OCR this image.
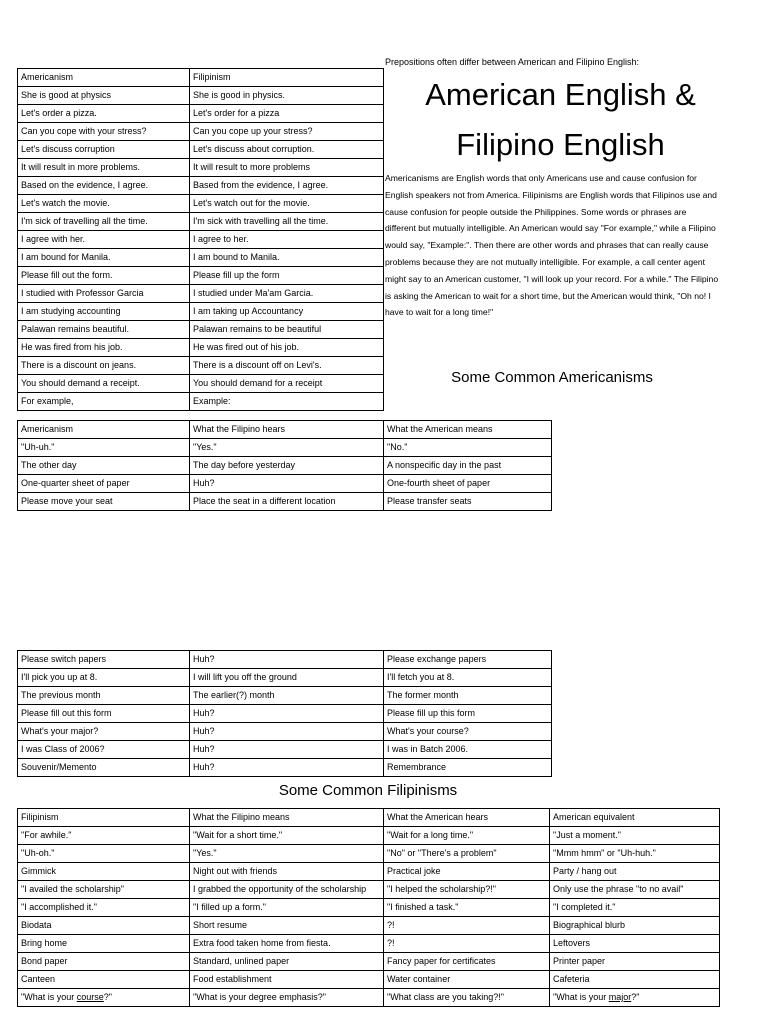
Prepositions often differ between American and Filipino English:
American English &
Filipino English
Americanisms are English words that only Americans use and cause confusion for English speakers not from America. Filipinisms are English words that Filipinos use and cause confusion for people outside the Philippines. Some words or phrases are different but mutually intelligible. An American would say "For example," while a Filipino would say, "Example:". Then there are other words and phrases that can really cause problems because they are not mutually intelligible. For example, a call center agent might say to an American customer, "I will look up your record. For a while." The Filipino is asking the American to wait for a short time, but the American would think, "Oh no! I have to wait for a long time!"
Some Common Americanisms
Americanism	Filipinism
She is good at physics	She is good in physics.
Let's order a pizza.	Let's order for a pizza
Can you cope with your stress?	Can you cope up your stress?
Let's discuss corruption	Let's discuss about corruption.
It will result in more problems.	It will result to more problems
Based on the evidence, I agree.	Based from the evidence, I agree.
Let's watch the movie.	Let's watch out for the movie.
I'm sick of travelling all the time.	I'm sick with travelling all the time.
I agree with her.	I agree to her.
I am bound for Manila.	I am bound to Manila.
Please fill out the form.	Please fill up the form
I studied with Professor Garcia	I studied under Ma'am Garcia.
I am studying accounting	I am taking up Accountancy
Palawan remains beautiful.	Palawan remains to be beautiful
He was fired from his job.	He was fired out of his job.
There is a discount on jeans.	There is a discount off on Levi's.
You should demand a receipt.	You should demand for a receipt
For example,	Example:
Americanism	What the Filipino hears	What the American means
"Uh-uh."	"Yes."	"No."
The other day	The day before yesterday	A nonspecific day in the past
One-quarter sheet of paper	Huh?	One-fourth sheet of paper
Please move your seat	Place the seat in a different location	Please transfer seats
Please switch papers	Huh?	Please exchange papers
I'll pick you up at 8.	I will lift you off the ground	I'll fetch you at 8.
The previous month	The earlier(?) month	The former month
Please fill out this form	Huh?	Please fill up this form
What's your major?	Huh?	What's your course?
I was Class of 2006?	Huh?	I was in Batch 2006.
Souvenir/Memento	Huh?	Remembrance
Some Common Filipinisms
Filipinism	What the Filipino means	What the American hears	American equivalent
"For awhile."	"Wait for a short time."	"Wait for a long time."	"Just a moment."
"Uh-oh."	"Yes."	"No" or "There's a problem"	"Mmm hmm" or "Uh-huh."
Gimmick	Night out with friends	Practical joke	Party / hang out
"I availed the scholarship"	I grabbed the opportunity of the scholarship	"I helped the scholarship?!"	Only use the phrase "to no avail"
"I accomplished it."	"I filled up a form."	"I finished a task."	"I completed it."
Biodata	Short resume	?!	Biographical blurb
Bring home	Extra food taken home from fiesta.	?!	Leftovers
Bond paper	Standard, unlined paper	Fancy paper for certificates	Printer paper
Canteen	Food establishment	Water container	Cafeteria
"What is your course?"	"What is your degree emphasis?"	"What class are you taking?!"	"What is your major?"
